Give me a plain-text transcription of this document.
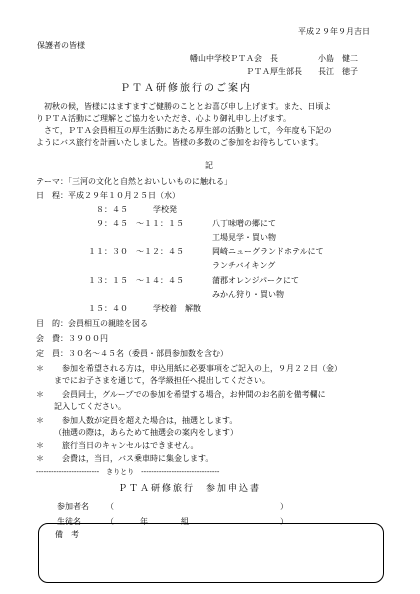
平成２９年９月吉日
保護者の皆様
幡山中学校ＰＴＡ会　長	小島　健二
ＰＴＡ厚生部長 長江　徳子
ＰＴＡ研修旅行のご案内
初秋の候，皆様にはますますご健勝のこととお喜び申し上げます。また、日頃よ
りＰＴＡ活動にご理解とご協力をいただき、心より御礼申し上げます。
さて，ＰＴＡ会員相互の厚生活動にあたる厚生部の活動として，今年度も下記の
ようにバス旅行を計画いたしました。皆様の多数のご参加をお待ちしています。
記
テーマ：「三河の文化と自然とおいしいものに触れる」
日　程：平成２９年１０月２５日（水）
８：４５	学校発
９：４５　～１１：１５	八丁味噌の郷にて
工場見学・買い物
１１：３０　～１２：４５	岡崎ニューグランドホテルにて
ランチバイキング
１３：１５　～１４：４５	蒲郡オレンジパークにて
みかん狩り・買い物
１５：４０	学校着　解散
目　的：会員相互の親睦を図る
会　費：３９００円
定　員：３０名～４５名（委員・部員参加数を含む）
＊ 参加を希望される方は，申込用紙に必要事項をご記入の上，９月２２日（金）
までにお子さまを通じて，各学級担任へ提出してください。
＊ 会員同士，グループでの参加を希望する場合，お仲間のお名前を備考欄に
記入してください。
＊ 参加人数が定員を超えた場合は，抽選とします。
（抽選の際は，あらためて抽選会の案内をします）
＊ 旅行当日のキャンセルはできません。
＊ 会費は，当日，バス乗車時に集金します。
-------------------------　きりとり　-------------------------------
ＰＴＡ研修旅行　参加申込書
参加者名 （	）
生徒名	（	年	組	）
備　考
